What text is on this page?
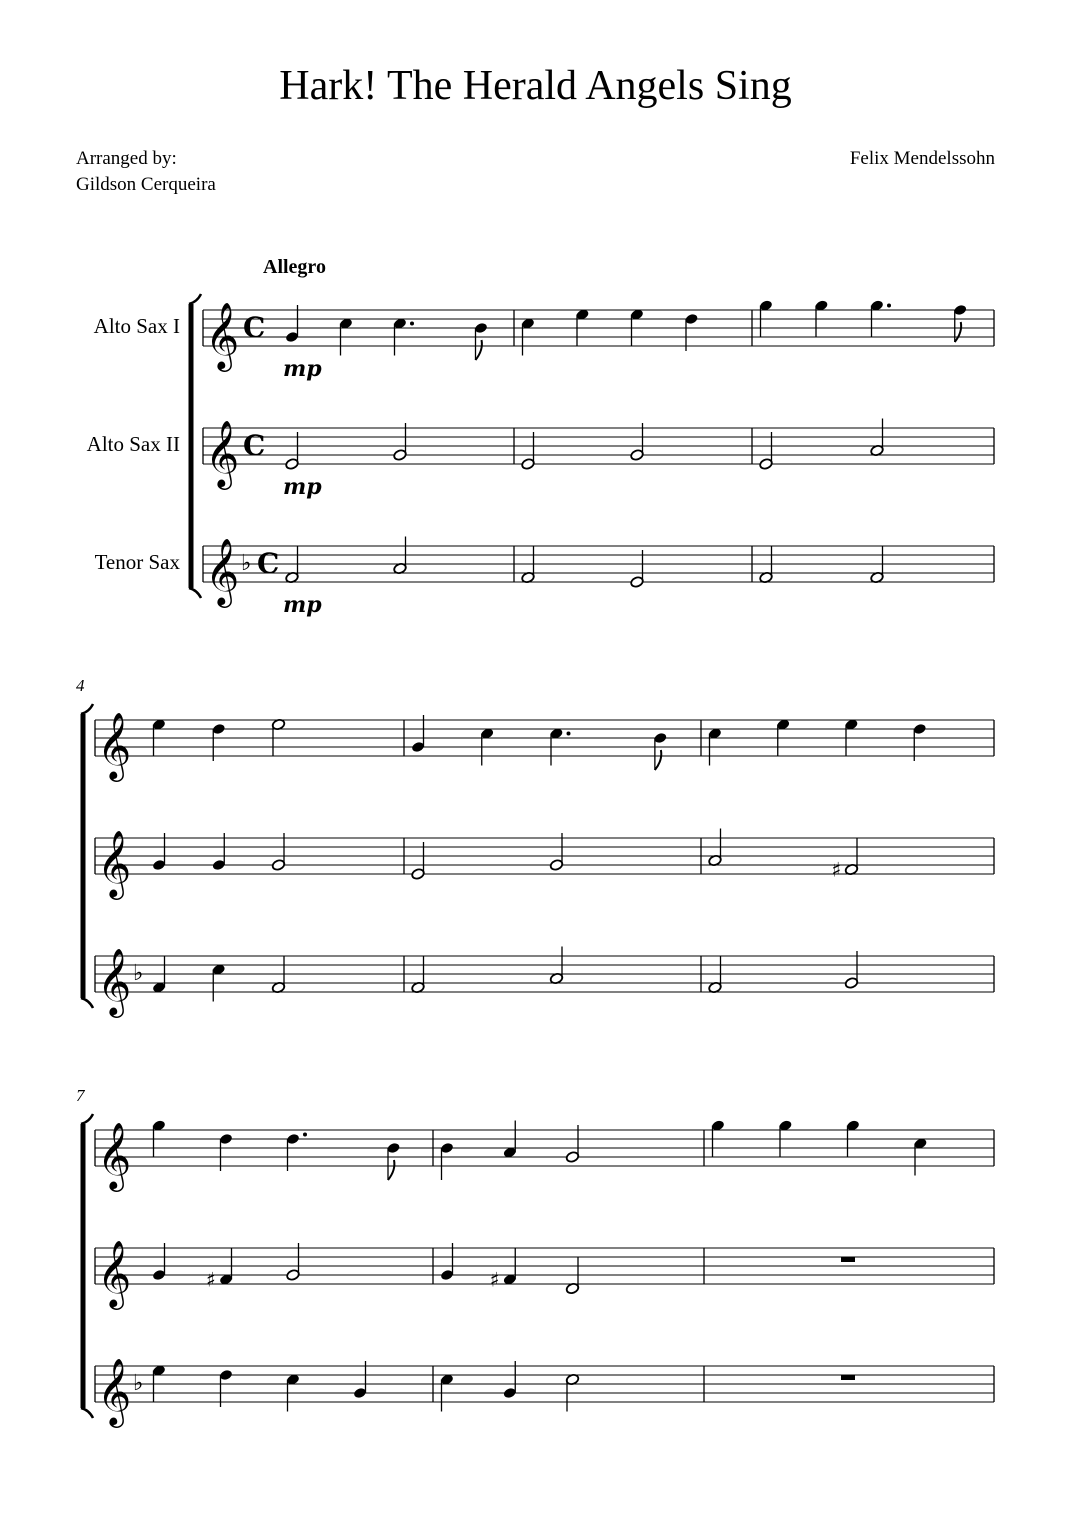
Hark! The Herald Angels Sing
Arranged by:
Gildson Cerqueira
Felix Mendelssohn
Allegro
Alto Sax I
Alto Sax II
Tenor Sax
4
7
𝄞 C
mp
𝄞 C
mp
𝄞 ♭ C
mp
𝄞
𝄞	♯
𝄞 ♭
𝄞
𝄞	♯	♯
𝄞 ♭
